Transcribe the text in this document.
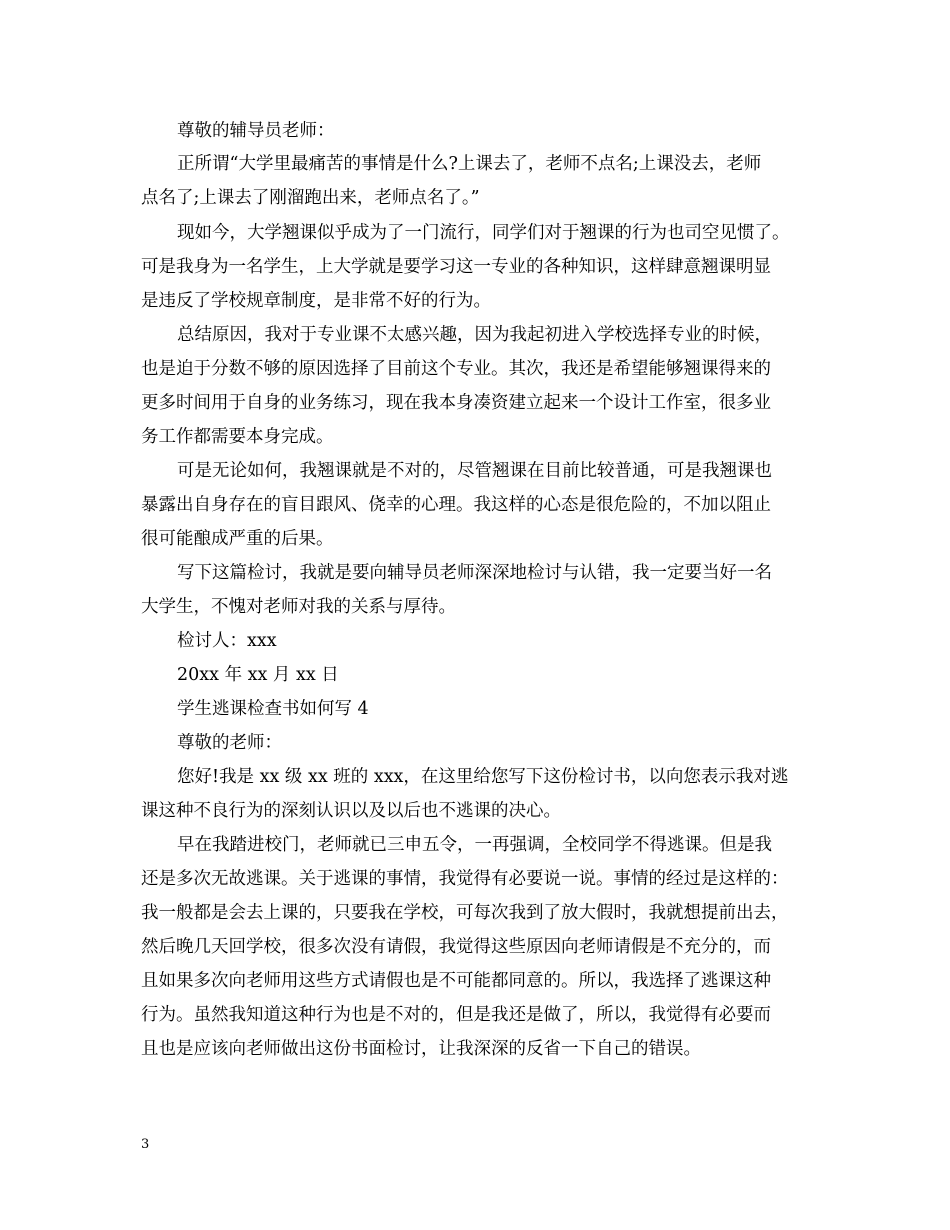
尊敬的辅导员老师：
正所谓“大学里最痛苦的事情是什么?上课去了，老师不点名;上课没去，老师
点名了;上课去了刚溜跑出来，老师点名了。”
现如今，大学翘课似乎成为了一门流行，同学们对于翘课的行为也司空见惯了。
可是我身为一名学生，上大学就是要学习这一专业的各种知识，这样肆意翘课明显
是违反了学校规章制度，是非常不好的行为。
总结原因，我对于专业课不太感兴趣，因为我起初进入学校选择专业的时候，
也是迫于分数不够的原因选择了目前这个专业。其次，我还是希望能够翘课得来的
更多时间用于自身的业务练习，现在我本身凑资建立起来一个设计工作室，很多业
务工作都需要本身完成。
可是无论如何，我翘课就是不对的，尽管翘课在目前比较普通，可是我翘课也
暴露出自身存在的盲目跟风、侥幸的心理。我这样的心态是很危险的，不加以阻止
很可能酿成严重的后果。
写下这篇检讨，我就是要向辅导员老师深深地检讨与认错，我一定要当好一名
大学生，不愧对老师对我的关系与厚待。
检讨人：xxx
20xx 年 xx 月 xx 日
学生逃课检查书如何写 4
尊敬的老师：
您好!我是 xx 级 xx 班的 xxx，在这里给您写下这份检讨书，以向您表示我对逃
课这种不良行为的深刻认识以及以后也不逃课的决心。
早在我踏进校门，老师就已三申五令，一再强调，全校同学不得逃课。但是我
还是多次无故逃课。关于逃课的事情，我觉得有必要说一说。事情的经过是这样的：
我一般都是会去上课的，只要我在学校，可每次我到了放大假时，我就想提前出去，
然后晚几天回学校，很多次没有请假，我觉得这些原因向老师请假是不充分的，而
且如果多次向老师用这些方式请假也是不可能都同意的。所以，我选择了逃课这种
行为。虽然我知道这种行为也是不对的，但是我还是做了，所以，我觉得有必要而
且也是应该向老师做出这份书面检讨，让我深深的反省一下自己的错误。
3
